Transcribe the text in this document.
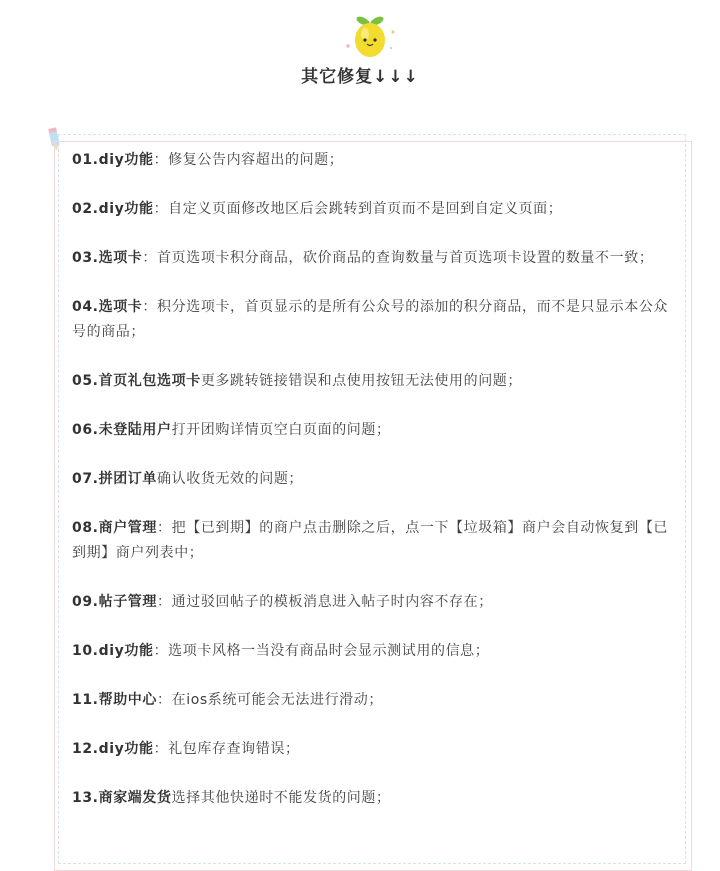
其它修复↓↓↓
01.diy功能：修复公告内容超出的问题；
02.diy功能：自定义页面修改地区后会跳转到首页而不是回到自定义页面；
03.选项卡：首页选项卡积分商品，砍价商品的查询数量与首页选项卡设置的数量不一致；
04.选项卡：积分选项卡，首页显示的是所有公众号的添加的积分商品，而不是只显示本公众号的商品；
05.首页礼包选项卡更多跳转链接错误和点使用按钮无法使用的问题；
06.未登陆用户打开团购详情页空白页面的问题；
07.拼团订单确认收货无效的问题；
08.商户管理：把【已到期】的商户点击删除之后，点一下【垃圾箱】商户会自动恢复到【已到期】商户列表中；
09.帖子管理：通过驳回帖子的模板消息进入帖子时内容不存在；
10.diy功能：选项卡风格一当没有商品时会显示测试用的信息；
11.帮助中心：在ios系统可能会无法进行滑动；
12.diy功能：礼包库存查询错误；
13.商家端发货选择其他快递时不能发货的问题；
